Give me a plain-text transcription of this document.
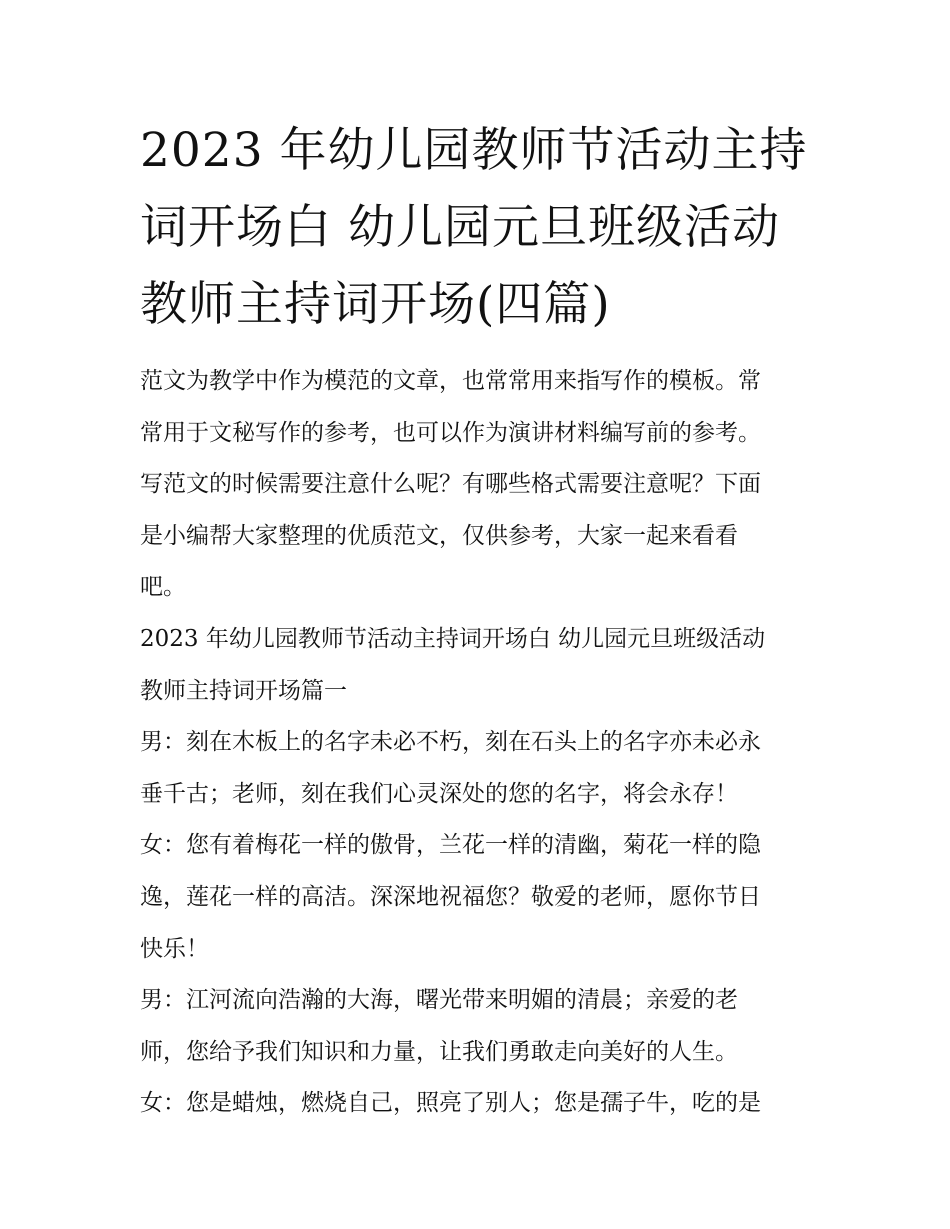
2023 年幼儿园教师节活动主持
词开场白 幼儿园元旦班级活动
教师主持词开场(四篇)
范文为教学中作为模范的文章，也常常用来指写作的模板。常
常用于文秘写作的参考，也可以作为演讲材料编写前的参考。
写范文的时候需要注意什么呢？有哪些格式需要注意呢？下面
是小编帮大家整理的优质范文，仅供参考，大家一起来看看
吧。
2023 年幼儿园教师节活动主持词开场白 幼儿园元旦班级活动
教师主持词开场篇一
男：刻在木板上的名字未必不朽，刻在石头上的名字亦未必永
垂千古；老师，刻在我们心灵深处的您的名字，将会永存！
女：您有着梅花一样的傲骨，兰花一样的清幽，菊花一样的隐
逸，莲花一样的高洁。深深地祝福您？敬爱的老师，愿你节日
快乐！
男：江河流向浩瀚的大海，曙光带来明媚的清晨；亲爱的老
师，您给予我们知识和力量，让我们勇敢走向美好的人生。
女：您是蜡烛，燃烧自己，照亮了别人；您是孺子牛，吃的是
